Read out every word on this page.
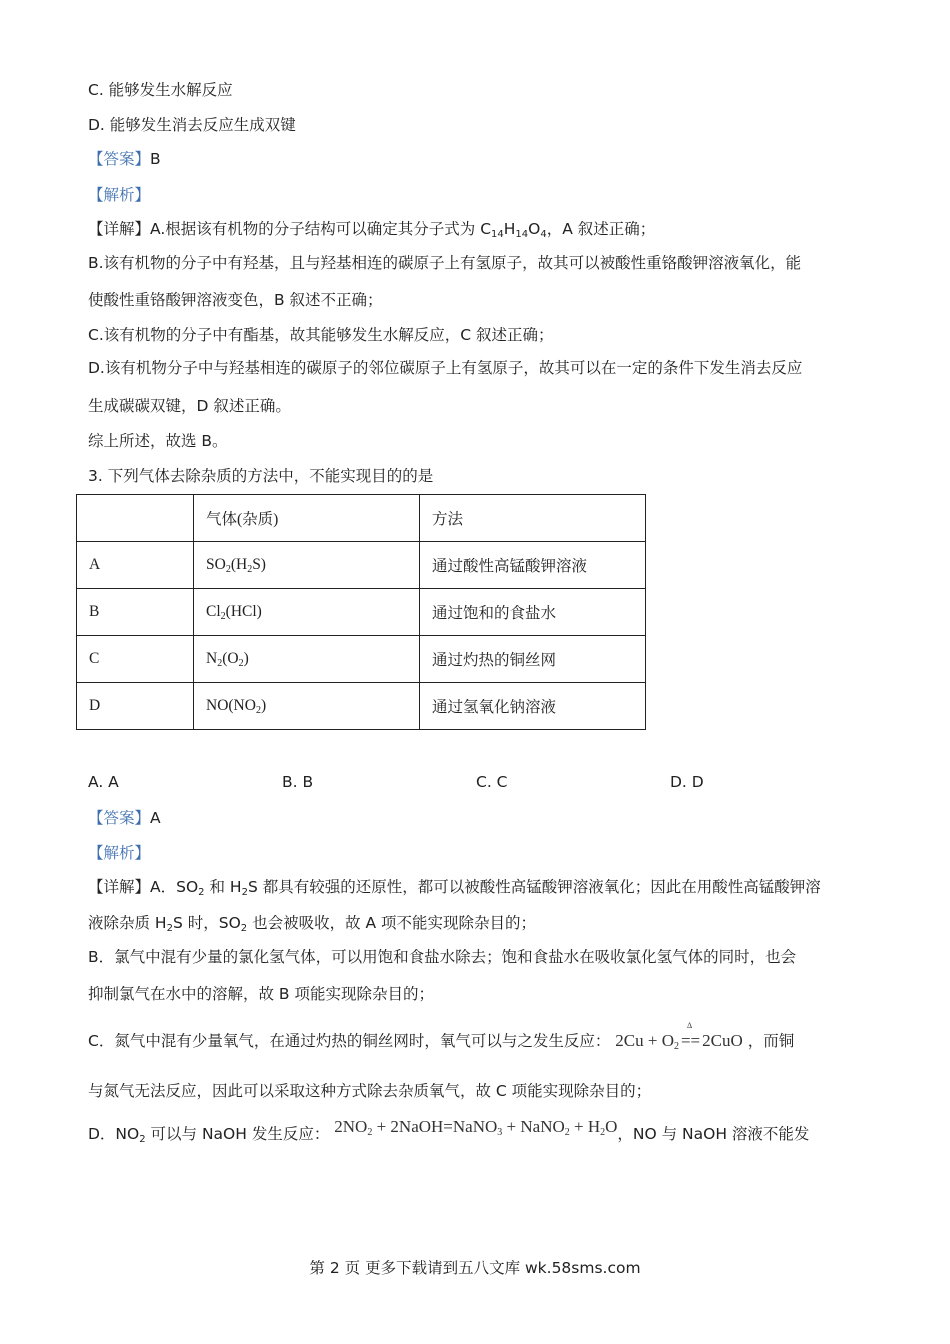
C. 能够发生水解反应
D. 能够发生消去反应生成双键
【答案】B
【解析】
【详解】A.根据该有机物的分子结构可以确定其分子式为 $C_{14}H_{14}O_4$，A 叙述正确；
B.该有机物的分子中有羟基，且与羟基相连的碳原子上有氢原子，故其可以被酸性重铬酸钾溶液氧化，能
使酸性重铬酸钾溶液变色，B 叙述不正确；
C.该有机物的分子中有酯基，故其能够发生水解反应，C 叙述正确；
D.该有机物分子中与羟基相连的碳原子的邻位碳原子上有氢原子，故其可以在一定的条件下发生消去反应
生成碳碳双键，D 叙述正确。
综上所述，故选 B。
3. 下列气体去除杂质的方法中，不能实现目的的是
	气体(杂质)	方法
A	$SO_2(H_2S)$	通过酸性高锰酸钾溶液
B	$Cl_2(HCl)$	通过饱和的食盐水
C	$N_2(O_2)$	通过灼热的铜丝网
D	$NO(NO_2)$	通过氢氧化钠溶液
A. A	B. B	C. C	D. D
【答案】A
【解析】
【详解】A．$SO_2$ 和 $H_2S$ 都具有较强的还原性，都可以被酸性高锰酸钾溶液氧化；因此在用酸性高锰酸钾溶
液除杂质 $H_2S$ 时，$SO_2$ 也会被吸收，故 A 项不能实现除杂目的；
B．氯气中混有少量的氯化氢气体，可以用饱和食盐水除去；饱和食盐水在吸收氯化氢气体的同时，也会
抑制氯气在水中的溶解，故 B 项能实现除杂目的；
C．氮气中混有少量氧气，在通过灼热的铜丝网时，氧气可以与之发生反应： $2Cu + O_2$
Δ
== 2CuO ，而铜
与氮气无法反应，因此可以采取这种方式除去杂质氧气，故 C 项能实现除杂目的；
D．$NO_2$ 可以与 NaOH 发生反应： $2NO_2$ + 2NaOH=NaNO$_3$ + NaNO$_2$ + $H_2O$，NO 与 NaOH 溶液不能发
第 2 页 更多下载请到五八文库 wk.58sms.com
